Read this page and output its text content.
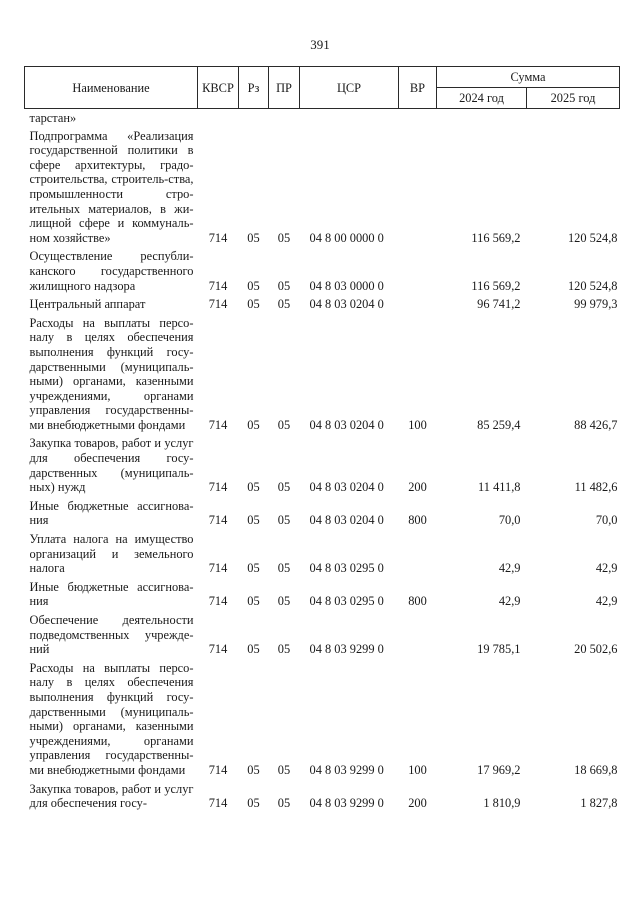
391
Наименование	КВСР	Рз	ПР	ЦСР	ВР	Сумма	
						2024 год	2025 год
тарстан»							
Подпрограмма «Реализация государственной политики в сфере архитектуры, градо-строительства, строитель-ства, промышленности стро-ительных материалов, в жи-лищной сфере и коммуналь-ном хозяйстве»	714	05	05	04 8 00 0000 0		116 569,2	120 524,8
Осуществление республи-канского государственного жилищного надзора	714	05	05	04 8 03 0000 0		116 569,2	120 524,8
Центральный аппарат	714	05	05	04 8 03 0204 0		96 741,2	99 979,3
Расходы на выплаты персо-налу в целях обеспечения выполнения функций госу-дарственными (муниципаль-ными) органами, казенными учреждениями, органами управления государственны-ми внебюджетными фондами	714	05	05	04 8 03 0204 0	100	85 259,4	88 426,7
Закупка товаров, работ и услуг для обеспечения госу-дарственных (муниципаль-ных) нужд	714	05	05	04 8 03 0204 0	200	11 411,8	11 482,6
Иные бюджетные ассигнова-ния	714	05	05	04 8 03 0204 0	800	70,0	70,0
Уплата налога на имущество организаций и земельного налога	714	05	05	04 8 03 0295 0		42,9	42,9
Иные бюджетные ассигнова-ния	714	05	05	04 8 03 0295 0	800	42,9	42,9
Обеспечение деятельности подведомственных учрежде-ний	714	05	05	04 8 03 9299 0		19 785,1	20 502,6
Расходы на выплаты персо-налу в целях обеспечения выполнения функций госу-дарственными (муниципаль-ными) органами, казенными учреждениями, органами управления государственны-ми внебюджетными фондами	714	05	05	04 8 03 9299 0	100	17 969,2	18 669,8
Закупка товаров, работ и услуг для обеспечения госу-	714	05	05	04 8 03 9299 0	200	1 810,9	1 827,8
